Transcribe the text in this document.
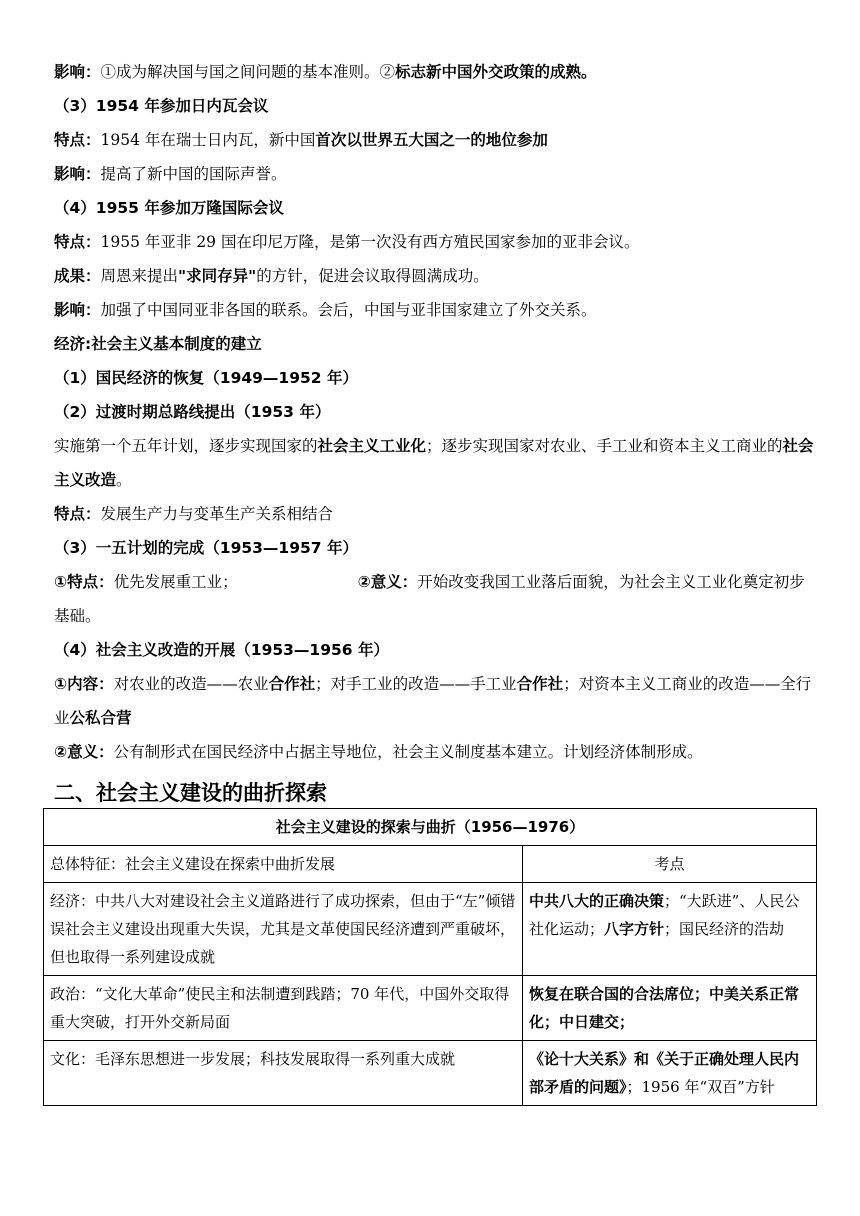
影响：①成为解决国与国之间问题的基本准则。②标志新中国外交政策的成熟。
（3）1954 年参加日内瓦会议
特点：1954 年在瑞士日内瓦，新中国首次以世界五大国之一的地位参加
影响：提高了新中国的国际声誉。
（4）1955 年参加万隆国际会议
特点：1955 年亚非 29 国在印尼万隆，是第一次没有西方殖民国家参加的亚非会议。
成果：周恩来提出"求同存异"的方针，促进会议取得圆满成功。
影响：加强了中国同亚非各国的联系。会后，中国与亚非国家建立了外交关系。
经济:社会主义基本制度的建立
（1）国民经济的恢复（1949—1952 年）
（2）过渡时期总路线提出（1953 年）
实施第一个五年计划，逐步实现国家的社会主义工业化；逐步实现国家对农业、手工业和资本主义工商业的社会主义改造。
特点：发展生产力与变革生产关系相结合
（3）一五计划的完成（1953—1957 年）
①特点：优先发展重工业；	②意义：开始改变我国工业落后面貌，为社会主义工业化奠定初步基础。
（4）社会主义改造的开展（1953—1956 年）
①内容：对农业的改造——农业合作社；对手工业的改造——手工业合作社；对资本主义工商业的改造——全行业公私合营
②意义：公有制形式在国民经济中占据主导地位，社会主义制度基本建立。计划经济体制形成。
二、社会主义建设的曲折探索
社会主义建设的探索与曲折（1956—1976）	
总体特征：社会主义建设在探索中曲折发展	考点
经济：中共八大对建设社会主义道路进行了成功探索，但由于“左”倾错误社会主义建设出现重大失误，尤其是文革使国民经济遭到严重破坏，但也取得一系列建设成就	中共八大的正确决策；“大跃进”、人民公社化运动；八字方针；国民经济的浩劫
政治：“文化大革命”使民主和法制遭到践踏；70 年代，中国外交取得重大突破，打开外交新局面	恢复在联合国的合法席位；中美关系正常化；中日建交；
文化：毛泽东思想进一步发展；科技发展取得一系列重大成就	《论十大关系》和《关于正确处理人民内部矛盾的问题》；1956 年“双百”方针
